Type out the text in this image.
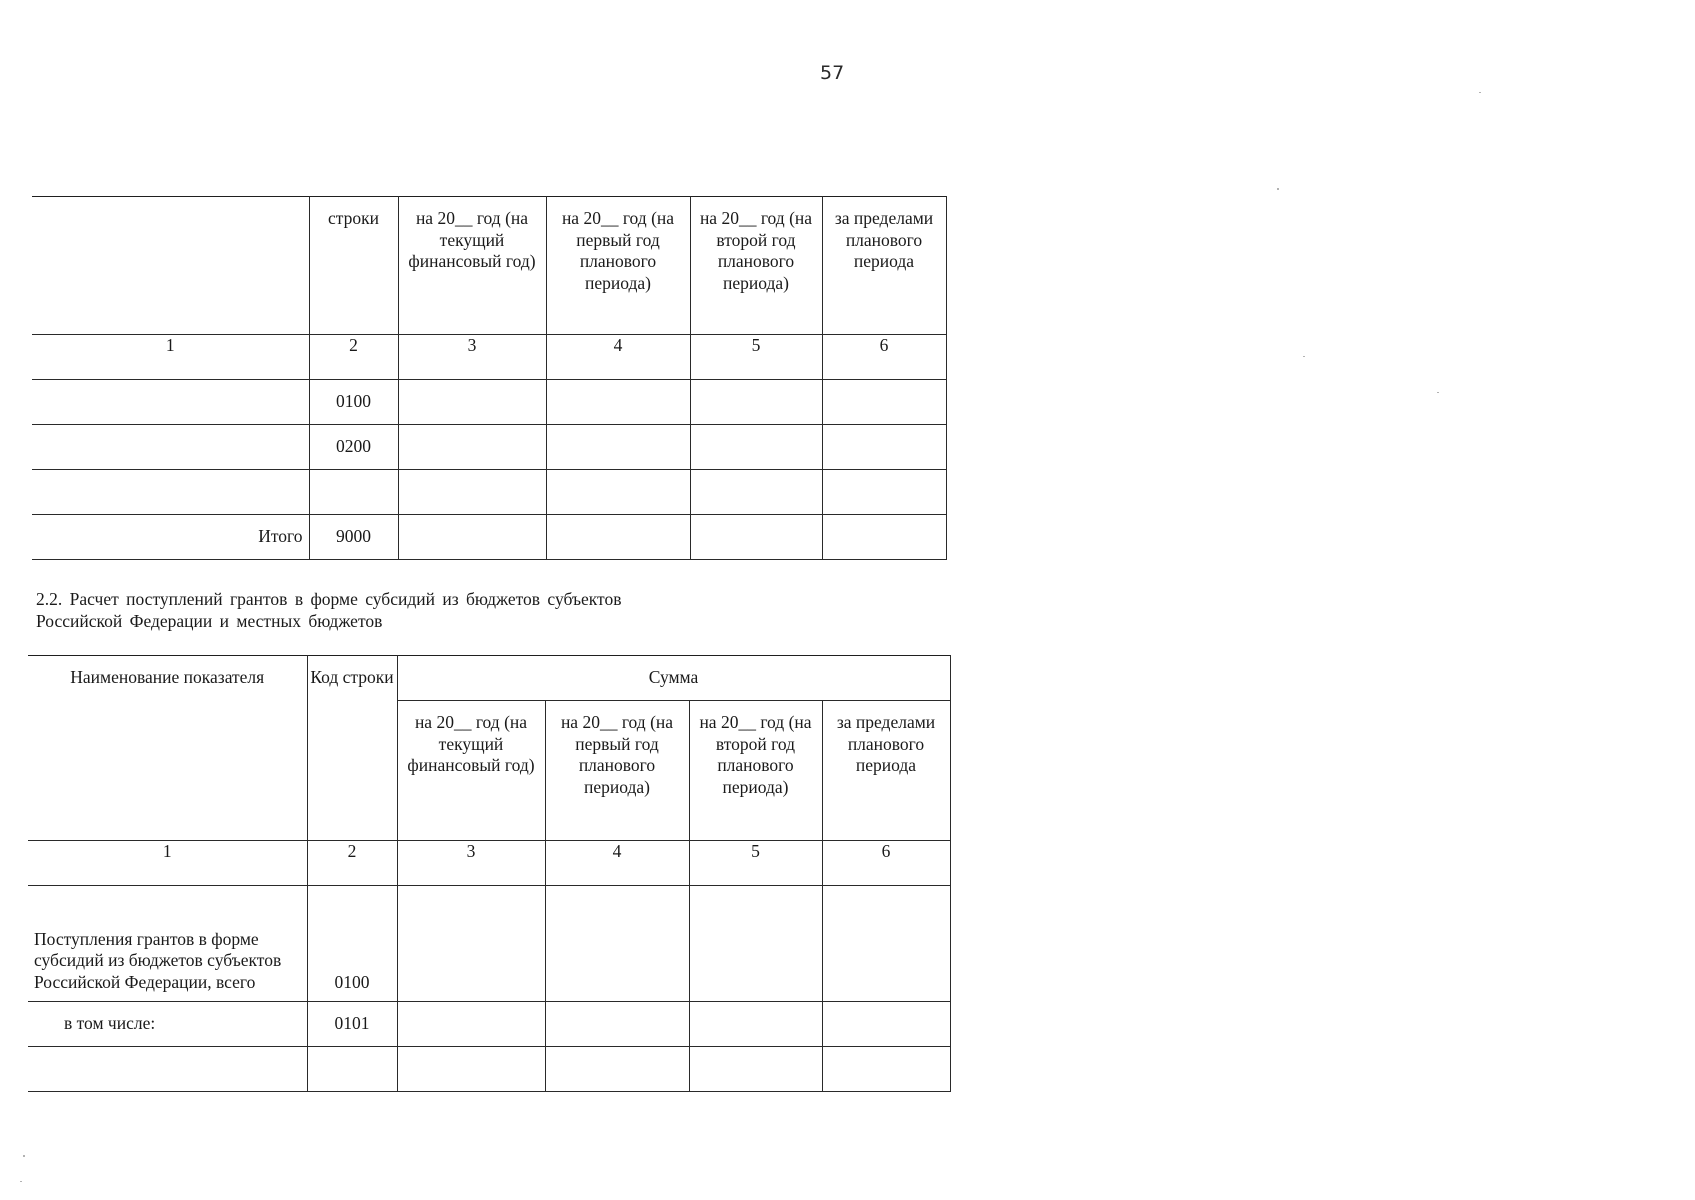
57

	строки	на 20__ год (на текущий финансовый год)	на 20__ год (на первый год планового периода)	на 20__ год (на второй год планового периода)	за пределами планового периода

1	2	3	4	5	6
	0100				
	0200				

Итого	9000				
2.2. Расчет поступлений грантов в форме субсидий из бюджетов субъектов
Российской Федерации и местных бюджетов
Наименование показателя	Код строки	Сумма			

		на 20__ год (на текущий финансовый год)	на 20__ год (на первый год планового периода)	на 20__ год (на второй год планового периода)	за пределами планового периода

1	2	3	4	5	6
Поступления грантов в форме субсидий из бюджетов субъектов Российской Федерации, всего	0100				
в том числе:	0101				
